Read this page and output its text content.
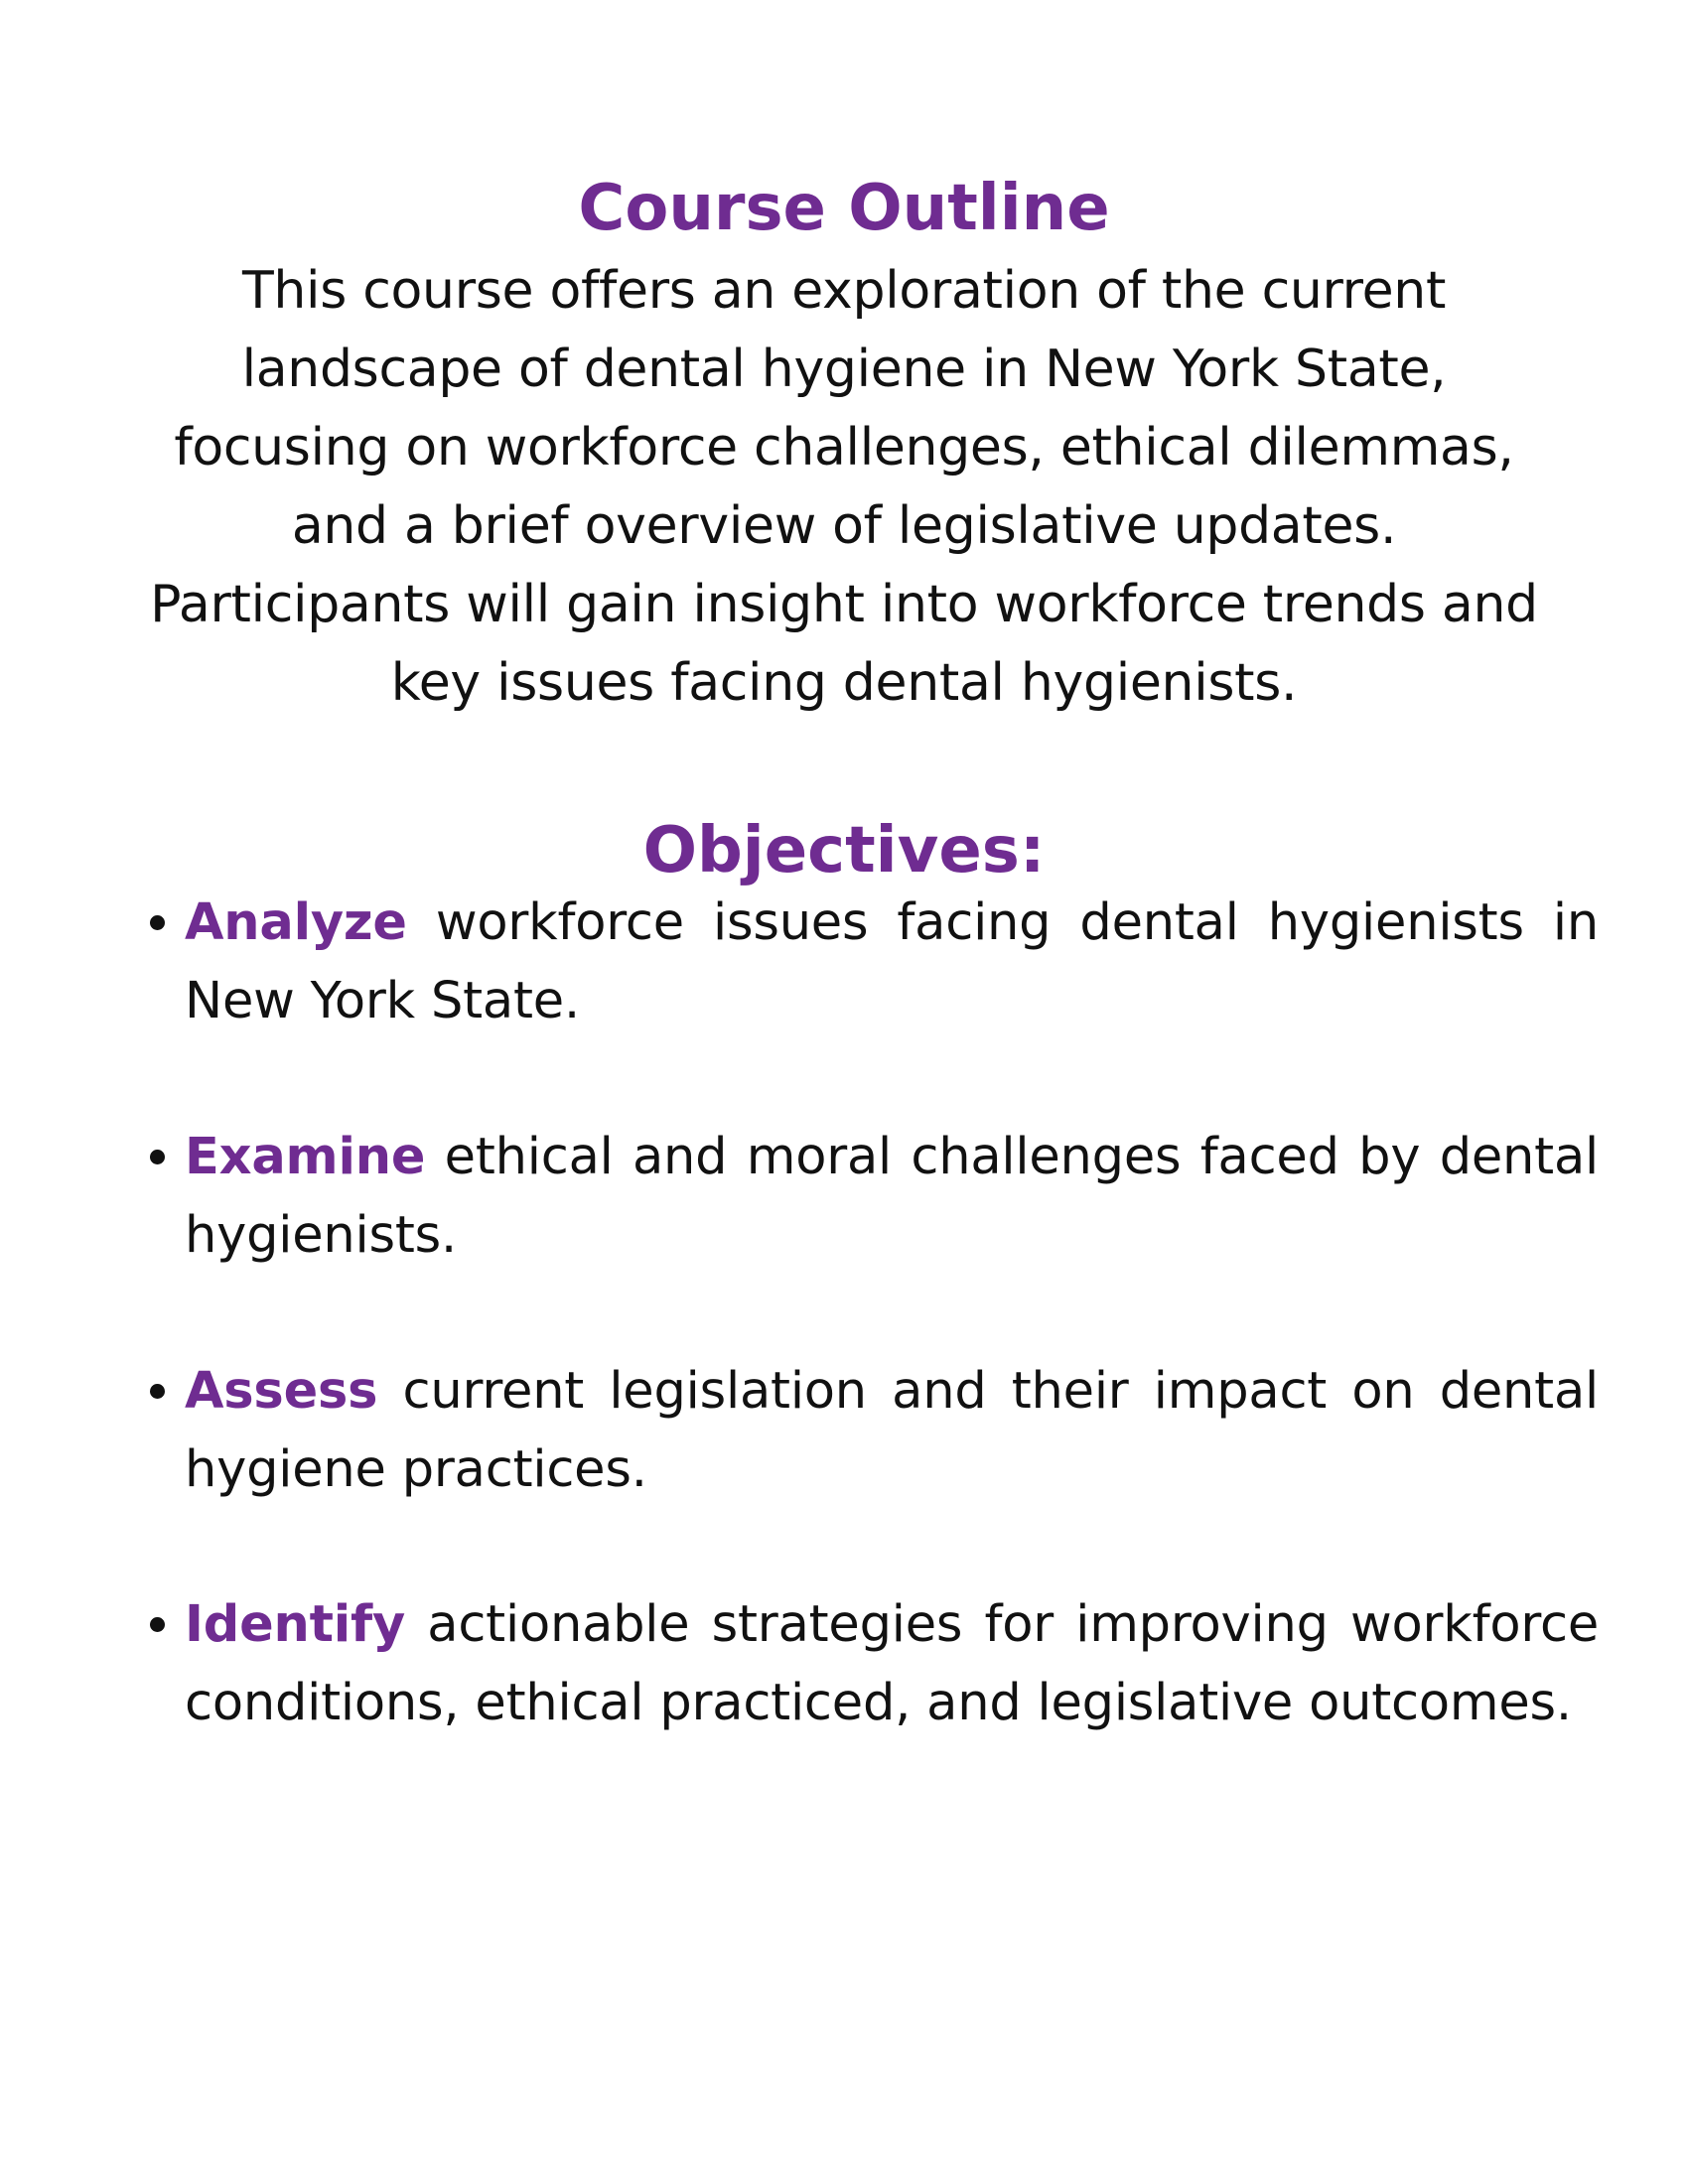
Course Outline

This course offers an exploration of the current
landscape of dental hygiene in New York State,
focusing on workforce challenges, ethical dilemmas,
and a brief overview of legislative updates.
Participants will gain insight into workforce trends and
key issues facing dental hygienists.

Objectives:

Analyze workforce issues facing dental hygienists in New York State.

Examine ethical and moral challenges faced by dental hygienists.

Assess current legislation and their impact on dental hygiene practices.

Identify actionable strategies for improving workforce conditions, ethical practiced, and legislative outcomes.
